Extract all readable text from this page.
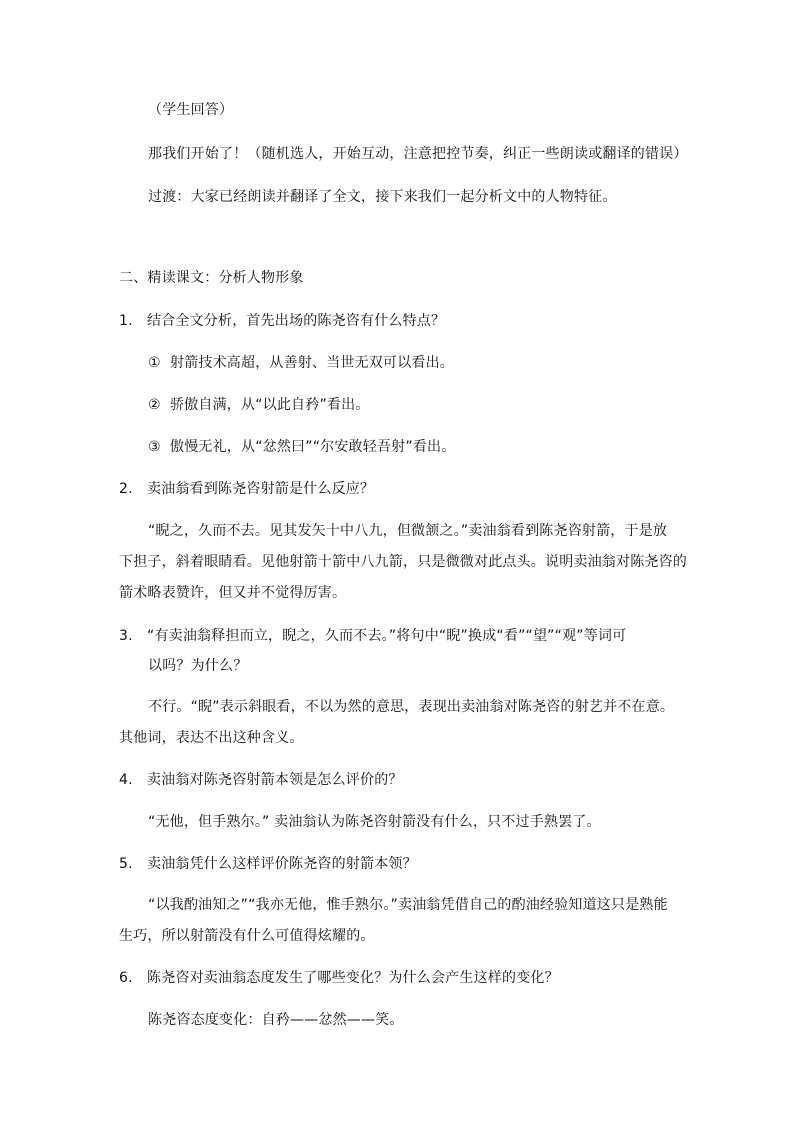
（学生回答）
那我们开始了！（随机选人，开始互动，注意把控节奏，纠正一些朗读或翻译的错误）
过渡：大家已经朗读并翻译了全文，接下来我们一起分析文中的人物特征。
二、精读课文：分析人物形象
1. 结合全文分析，首先出场的陈尧咨有什么特点？
① 射箭技术高超，从善射、当世无双可以看出。
② 骄傲自满，从“以此自矜”看出。
③ 傲慢无礼，从“忿然曰”“尔安敢轻吾射”看出。
2. 卖油翁看到陈尧咨射箭是什么反应？
“睨之，久而不去。见其发矢十中八九，但微颔之。”卖油翁看到陈尧咨射箭，于是放
下担子，斜着眼睛看。见他射箭十箭中八九箭，只是微微对此点头。说明卖油翁对陈尧咨的
箭术略表赞许，但又并不觉得厉害。
3. “有卖油翁释担而立，睨之，久而不去。”将句中“睨”换成“看”“望”“观”等词可
以吗？为什么？
不行。“睨”表示斜眼看，不以为然的意思，表现出卖油翁对陈尧咨的射艺并不在意。
其他词，表达不出这种含义。
4. 卖油翁对陈尧咨射箭本领是怎么评价的？
“无他，但手熟尔。” 卖油翁认为陈尧咨射箭没有什么，只不过手熟罢了。
5. 卖油翁凭什么这样评价陈尧咨的射箭本领？
“以我酌油知之”“我亦无他，惟手熟尔。”卖油翁凭借自己的酌油经验知道这只是熟能
生巧，所以射箭没有什么可值得炫耀的。
6. 陈尧咨对卖油翁态度发生了哪些变化？为什么会产生这样的变化？
陈尧咨态度变化：自矜——忿然——笑。
